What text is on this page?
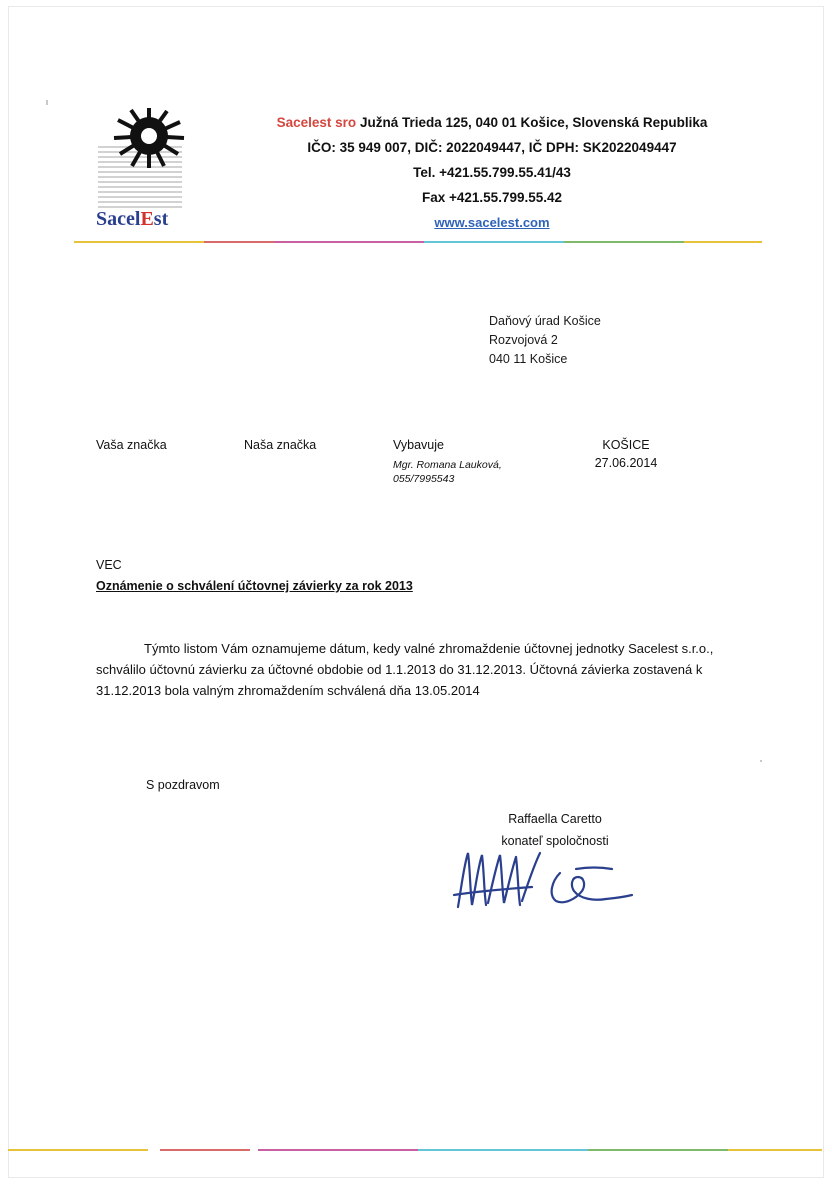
SacelEst
Sacelest sro Južná Trieda 125, 040 01 Košice, Slovenská Republika
IČO: 35 949 007, DIČ: 2022049447, IČ DPH: SK2022049447
Tel. +421.55.799.55.41/43
Fax +421.55.799.55.42
www.sacelest.com
Daňový úrad Košice
Rozvojová 2
040 11 Košice
Vaša značka	Naša značka	Vybavuje
Mgr. Romana Lauková,
055/7995543
KOŠICE
27.06.2014
VEC
Oznámenie o schválení účtovnej závierky za rok 2013

Týmto listom Vám oznamujeme dátum, kedy valné zhromaždenie účtovnej jednotky Sacelest s.r.o., schválilo účtovnú závierku za účtovné obdobie od 1.1.2013 do 31.12.2013. Účtovná závierka zostavená k 31.12.2013 bola valným zhromaždením schválená dňa 13.05.2014

S pozdravom
Raffaella Caretto
konateľ spoločnosti
